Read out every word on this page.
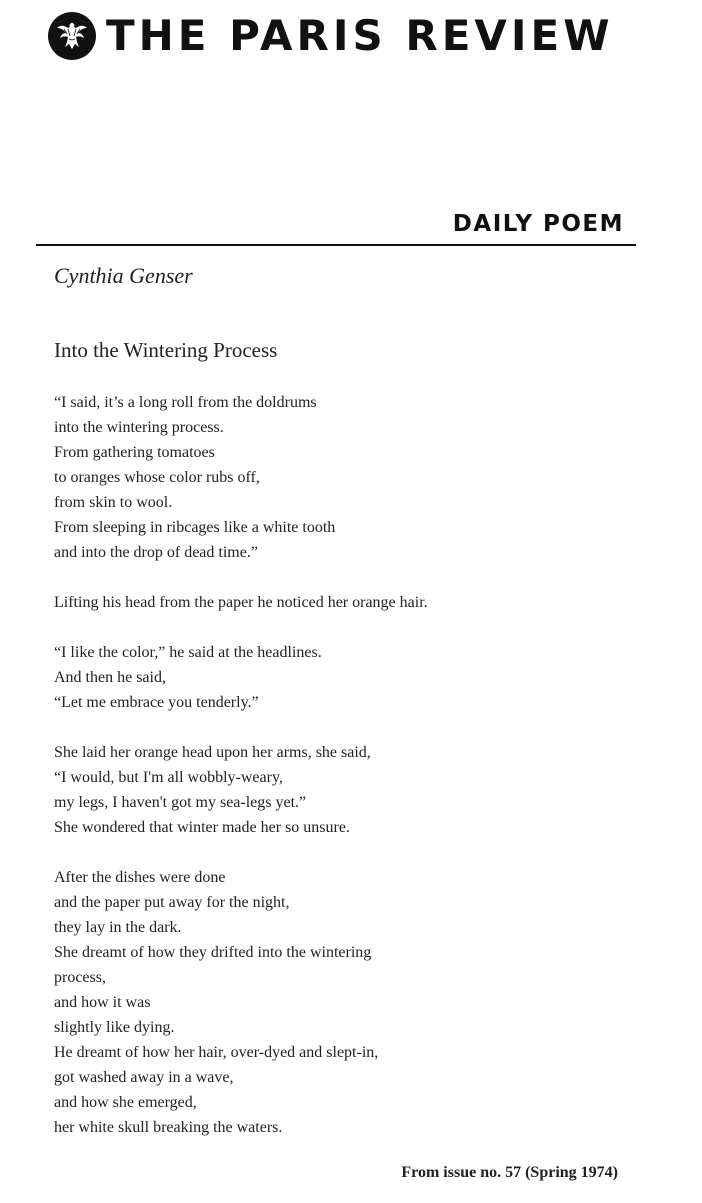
THE PARIS REVIEW
DAILY POEM
Cynthia Genser
Into the Wintering Process
“I said, it’s a long roll from the doldrums
into the wintering process.
From gathering tomatoes
to oranges whose color rubs off,
from skin to wool.
From sleeping in ribcages like a white tooth
and into the drop of dead time.”
Lifting his head from the paper he noticed her orange hair.
“I like the color,” he said at the headlines.
And then he said,
“Let me embrace you tenderly.”
She laid her orange head upon her arms, she said,
“I would, but I'm all wobbly-weary,
my legs, I haven't got my sea-legs yet.”
She wondered that winter made her so unsure.
After the dishes were done
and the paper put away for the night,
they lay in the dark.
She dreamt of how they drifted into the wintering
process,
and how it was
slightly like dying.
He dreamt of how her hair, over-dyed and slept-in,
got washed away in a wave,
and how she emerged,
her white skull breaking the waters.
From issue no. 57 (Spring 1974)
